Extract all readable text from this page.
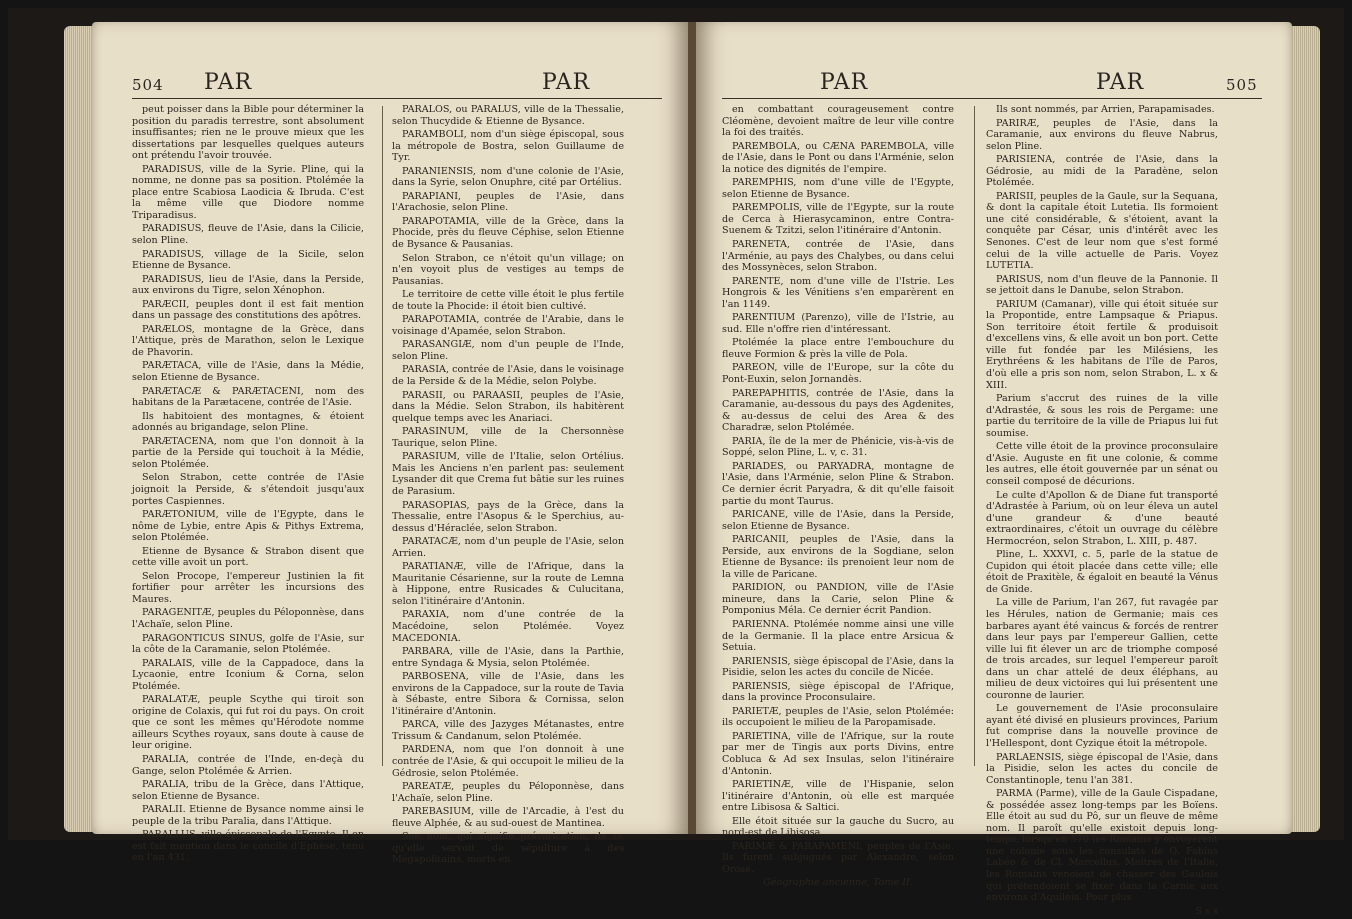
504 PAR	PAR

peut poisser dans la Bible pour déterminer la position du paradis terrestre, sont absolument insuffisantes; rien ne le prouve mieux que les dissertations par lesquelles quelques auteurs ont prétendu l'avoir trouvée.

PARADISUS, ville de la Syrie. Pline, qui la nomme, ne donne pas sa position. Ptolémée la place entre Scabiosa Laodicia & Ibruda. C'est la même ville que Diodore nomme Triparadisus.

PARADISUS, fleuve de l'Asie, dans la Cilicie, selon Pline.

PARADISUS, village de la Sicile, selon Etienne de Bysance.

PARADISUS, lieu de l'Asie, dans la Perside, aux environs du Tigre, selon Xénophon.

PARÆCII, peuples dont il est fait mention dans un passage des constitutions des apôtres.

PARÆLOS, montagne de la Grèce, dans l'Attique, près de Marathon, selon le Lexique de Phavorin.

PARÆTACA, ville de l'Asie, dans la Médie, selon Etienne de Bysance.

PARÆTACÆ & PARÆTACENI, nom des habitans de la Parætacene, contrée de l'Asie.

Ils habitoient des montagnes, & étoient adonnés au brigandage, selon Pline.

PARÆTACENA, nom que l'on donnoit à la partie de la Perside qui touchoit à la Médie, selon Ptolémée.

Selon Strabon, cette contrée de l'Asie joignoit la Perside, & s'étendoit jusqu'aux portes Caspiennes.

PARÆTONIUM, ville de l'Egypte, dans le nôme de Lybie, entre Apis & Pithys Extrema, selon Ptolémée.

Etienne de Bysance & Strabon disent que cette ville avoit un port.

Selon Procope, l'empereur Justinien la fit fortifier pour arrêter les incursions des Maures.

PARAGENITÆ, peuples du Péloponnèse, dans l'Achaïe, selon Pline.

PARAGONTICUS SINUS, golfe de l'Asie, sur la côte de la Caramanie, selon Ptolémée.

PARALAIS, ville de la Cappadoce, dans la Lycaonie, entre Iconium & Corna, selon Ptolémée.

PARALATÆ, peuple Scythe qui tiroit son origine de Colaxis, qui fut roi du pays. On croit que ce sont les mêmes qu'Hérodote nomme ailleurs Scythes royaux, sans doute à cause de leur origine.

PARALIA, contrée de l'Inde, en-deçà du Gange, selon Ptolémée & Arrien.

PARALIA, tribu de la Grèce, dans l'Attique, selon Etienne de Bysance.

PARALII. Etienne de Bysance nomme ainsi le peuple de la tribu Paralia, dans l'Attique.

PARALLUS, ville épiscopale de l'Egypte. Il en est fait mention dans le concile d'Ephèse, tenu en l'an 431.

PARALOS, ou PARALUS, ville de la Thessalie, selon Thucydide & Etienne de Bysance.

PARAMBOLI, nom d'un siège épiscopal, sous la métropole de Bostra, selon Guillaume de Tyr.

PARANIENSIS, nom d'une colonie de l'Asie, dans la Syrie, selon Onuphre, cité par Ortélius.

PARAPIANI, peuples de l'Asie, dans l'Arachosie, selon Pline.

PARAPOTAMIA, ville de la Grèce, dans la Phocide, près du fleuve Céphise, selon Etienne de Bysance & Pausanias.

Selon Strabon, ce n'étoit qu'un village; on n'en voyoit plus de vestiges au temps de Pausanias.

Le territoire de cette ville étoit le plus fertile de toute la Phocide: il étoit bien cultivé.

PARAPOTAMIA, contrée de l'Arabie, dans le voisinage d'Apamée, selon Strabon.

PARASANGIÆ, nom d'un peuple de l'Inde, selon Pline.

PARASIA, contrée de l'Asie, dans le voisinage de la Perside & de la Médie, selon Polybe.

PARASII, ou PARAASII, peuples de l'Asie, dans la Médie. Selon Strabon, ils habitèrent quelque temps avec les Anariaci.

PARASINUM, ville de la Chersonnèse Taurique, selon Pline.

PARASIUM, ville de l'Italie, selon Ortélius. Mais les Anciens n'en parlent pas: seulement Lysander dit que Crema fut bâtie sur les ruines de Parasium.

PARASOPIAS, pays de la Grèce, dans la Thessalie, entre l'Asopus & le Sperchius, au-dessus d'Héraclée, selon Strabon.

PARATACÆ, nom d'un peuple de l'Asie, selon Arrien.

PARATIANÆ, ville de l'Afrique, dans la Mauritanie Césarienne, sur la route de Lemna à Hippone, entre Rusicades & Culucitana, selon l'itinéraire d'Antonin.

PARAXIA, nom d'une contrée de la Macédoine, selon Ptolémée. Voyez MACEDONIA.

PARBARA, ville de l'Asie, dans la Parthie, entre Syndaga & Mysia, selon Ptolémée.

PARBOSENA, ville de l'Asie, dans les environs de la Cappadoce, sur la route de Tavia à Sébaste, entre Sibora & Cornissa, selon l'itinéraire d'Antonin.

PARCA, ville des Jazyges Métanastes, entre Trissum & Candanum, selon Ptolémée.

PARDENA, nom que l'on donnoit à une contrée de l'Asie, & qui occupoit le milieu de la Gédrosie, selon Ptolémée.

PAREATÆ, peuples du Péloponnèse, dans l'Achaïe, selon Pline.

PAREBASIUM, ville de l'Arcadie, à l'est du fleuve Alphée, & au sud-ouest de Mantinea.

Son nom, qui signifie prévarication, de ce qu'elle servoit de sépulture à des Mégapolitains, morts en

PAR	PAR	505

en combattant courageusement contre Cléomène, devoient maître de leur ville contre la foi des traités.

PAREMBOLA, ou CÆNA PAREMBOLA, ville de l'Asie, dans le Pont ou dans l'Arménie, selon la notice des dignités de l'empire.

PAREMPHIS, nom d'une ville de l'Egypte, selon Etienne de Bysance.

PAREMPOLIS, ville de l'Egypte, sur la route de Cerca à Hierasycaminon, entre Contra-Suenem & Tzitzi, selon l'itinéraire d'Antonin.

PARENETA, contrée de l'Asie, dans l'Arménie, au pays des Chalybes, ou dans celui des Mossynèces, selon Strabon.

PARENTE, nom d'une ville de l'Istrie. Les Hongrois & les Vénitiens s'en emparèrent en l'an 1149.

PARENTIUM (Parenzo), ville de l'Istrie, au sud. Elle n'offre rien d'intéressant.

Ptolémée la place entre l'embouchure du fleuve Formion & près la ville de Pola.

PAREON, ville de l'Europe, sur la côte du Pont-Euxin, selon Jornandès.

PAREPAPHITIS, contrée de l'Asie, dans la Caramanie, au-dessous du pays des Agdenites, & au-dessus de celui des Area & des Charadræ, selon Ptolémée.

PARIA, île de la mer de Phénicie, vis-à-vis de Soppé, selon Pline, L. v, c. 31.

PARIADES, ou PARYADRA, montagne de l'Asie, dans l'Arménie, selon Pline & Strabon. Ce dernier écrit Paryadra, & dit qu'elle faisoit partie du mont Taurus.

PARICANE, ville de l'Asie, dans la Perside, selon Etienne de Bysance.

PARICANII, peuples de l'Asie, dans la Perside, aux environs de la Sogdiane, selon Etienne de Bysance: ils prenoient leur nom de la ville de Paricane.

PARIDION, ou PANDION, ville de l'Asie mineure, dans la Carie, selon Pline & Pomponius Méla. Ce dernier écrit Pandion.

PARIENNA. Ptolémée nomme ainsi une ville de la Germanie. Il la place entre Arsicua & Setuia.

PARIENSIS, siège épiscopal de l'Asie, dans la Pisidie, selon les actes du concile de Nicée.

PARIENSIS, siège épiscopal de l'Afrique, dans la province Proconsulaire.

PARIETÆ, peuples de l'Asie, selon Ptolémée: ils occupoient le milieu de la Paropamisade.

PARIETINA, ville de l'Afrique, sur la route par mer de Tingis aux ports Divins, entre Cobluca & Ad sex Insulas, selon l'itinéraire d'Antonin.

PARIETINÆ, ville de l'Hispanie, selon l'itinéraire d'Antonin, où elle est marquée entre Libisosa & Saltici.

Elle étoit située sur la gauche du Sucro, au nord-est de Libisosa.

PARIMÆ & PARAPAMENI, peuples de l'Asie. Ils furent subjugués par Alexandre, selon Orose.

Géographie ancienne, Tome II.

Ils sont nommés, par Arrien, Parapamisades.

PARIRÆ, peuples de l'Asie, dans la Caramanie, aux environs du fleuve Nabrus, selon Pline.

PARISIENA, contrée de l'Asie, dans la Gédrosie, au midi de la Paradène, selon Ptolémée.

PARISII, peuples de la Gaule, sur la Sequana, & dont la capitale étoit Lutetia. Ils formoient une cité considérable, & s'étoient, avant la conquête par César, unis d'intérêt avec les Senones. C'est de leur nom que s'est formé celui de la ville actuelle de Paris. Voyez LUTETIA.

PARISUS, nom d'un fleuve de la Pannonie. Il se jettoit dans le Danube, selon Strabon.

PARIUM (Camanar), ville qui étoit située sur la Propontide, entre Lampsaque & Priapus. Son territoire étoit fertile & produisoit d'excellens vins, & elle avoit un bon port. Cette ville fut fondée par les Milésiens, les Erythréens & les habitans de l'île de Paros, d'où elle a pris son nom, selon Strabon, L. x & XIII.

Parium s'accrut des ruines de la ville d'Adrastée, & sous les rois de Pergame: une partie du territoire de la ville de Priapus lui fut soumise.

Cette ville étoit de la province proconsulaire d'Asie. Auguste en fit une colonie, & comme les autres, elle étoit gouvernée par un sénat ou conseil composé de décurions.

Le culte d'Apollon & de Diane fut transporté d'Adrastée à Parium, où on leur éleva un autel d'une grandeur & d'une beauté extraordinaires, c'étoit un ouvrage du célèbre Hermocréon, selon Strabon, L. XIII, p. 487.

Pline, L. XXXVI, c. 5, parle de la statue de Cupidon qui étoit placée dans cette ville; elle étoit de Praxitèle, & égaloit en beauté la Vénus de Gnide.

La ville de Parium, l'an 267, fut ravagée par les Hérules, nation de Germanie; mais ces barbares ayant été vaincus & forcés de rentrer dans leur pays par l'empereur Gallien, cette ville lui fit élever un arc de triomphe composé de trois arcades, sur lequel l'empereur paroît dans un char attelé de deux éléphans, au milieu de deux victoires qui lui présentent une couronne de laurier.

Le gouvernement de l'Asie proconsulaire ayant été divisé en plusieurs provinces, Parium fut comprise dans la nouvelle province de l'Hellespont, dont Cyzique étoit la métropole.

PARLAENSIS, siège épiscopal de l'Asie, dans la Pisidie, selon les actes du concile de Constantinople, tenu l'an 381.

PARMA (Parme), ville de la Gaule Cispadane, & possédée assez long-temps par les Boïens. Elle étoit au sud du Pô, sur un fleuve de même nom. Il paroît qu'elle existoit depuis long-temps, lorsqu'en 570 les Romains y envoyèrent une colonie sous les consulats de Q. Fabius Labéo & de Cl. Marcellus. Maîtres de l'Italie, les Romains venoient de chasser des Gaulois qui prétendoient se fixer dans la Carnie aux environs d'Aquileia. Pour plus

S s s
